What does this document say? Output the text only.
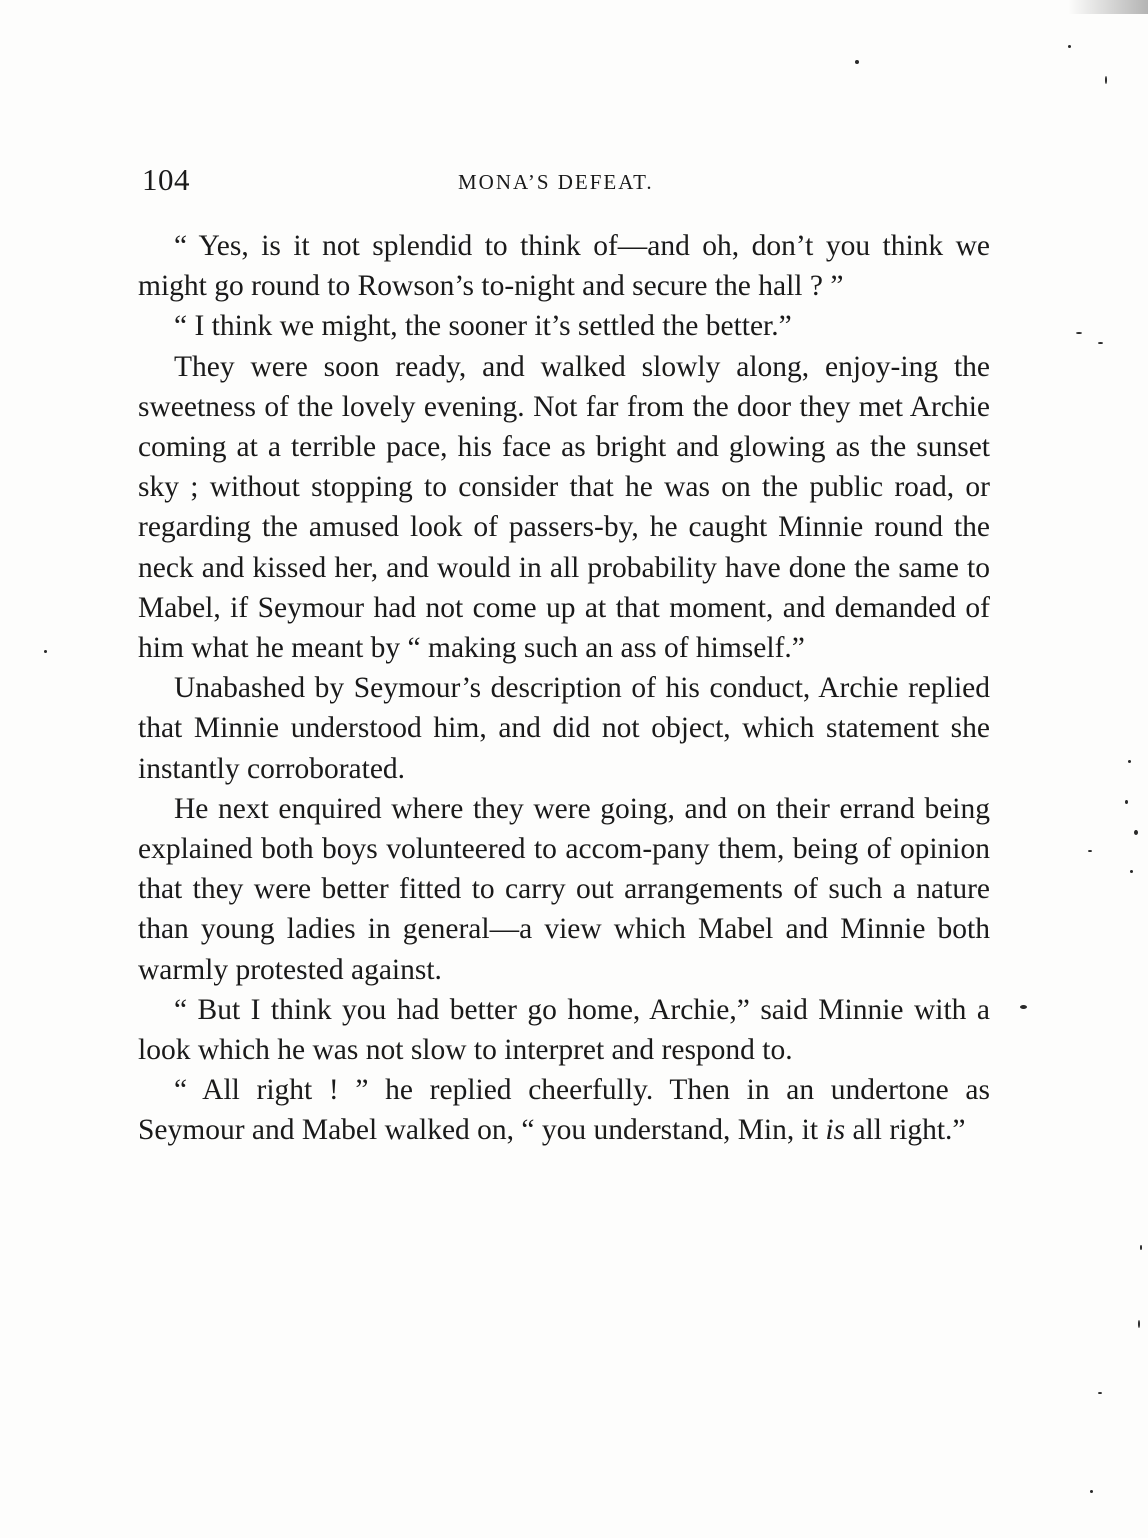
104	MONA’S DEFEAT.

“ Yes, is it not splendid to think of—and oh, don’t you think we might go round to Rowson’s to-night and secure the hall ? ”

“ I think we might, the sooner it’s settled the better.”

They were soon ready, and walked slowly along, enjoy-ing the sweetness of the lovely evening. Not far from the door they met Archie coming at a terrible pace, his face as bright and glowing as the sunset sky ; without stopping to consider that he was on the public road, or regarding the amused look of passers-by, he caught Minnie round the neck and kissed her, and would in all probability have done the same to Mabel, if Seymour had not come up at that moment, and demanded of him what he meant by “ making such an ass of himself.”

Unabashed by Seymour’s description of his conduct, Archie replied that Minnie understood him, and did not object, which statement she instantly corroborated.

He next enquired where they were going, and on their errand being explained both boys volunteered to accom-pany them, being of opinion that they were better fitted to carry out arrangements of such a nature than young ladies in general—a view which Mabel and Minnie both warmly protested against.

“ But I think you had better go home, Archie,” said Minnie with a look which he was not slow to interpret and respond to.

“ All right ! ” he replied cheerfully. Then in an undertone as Seymour and Mabel walked on, “ you understand, Min, it is all right.”
